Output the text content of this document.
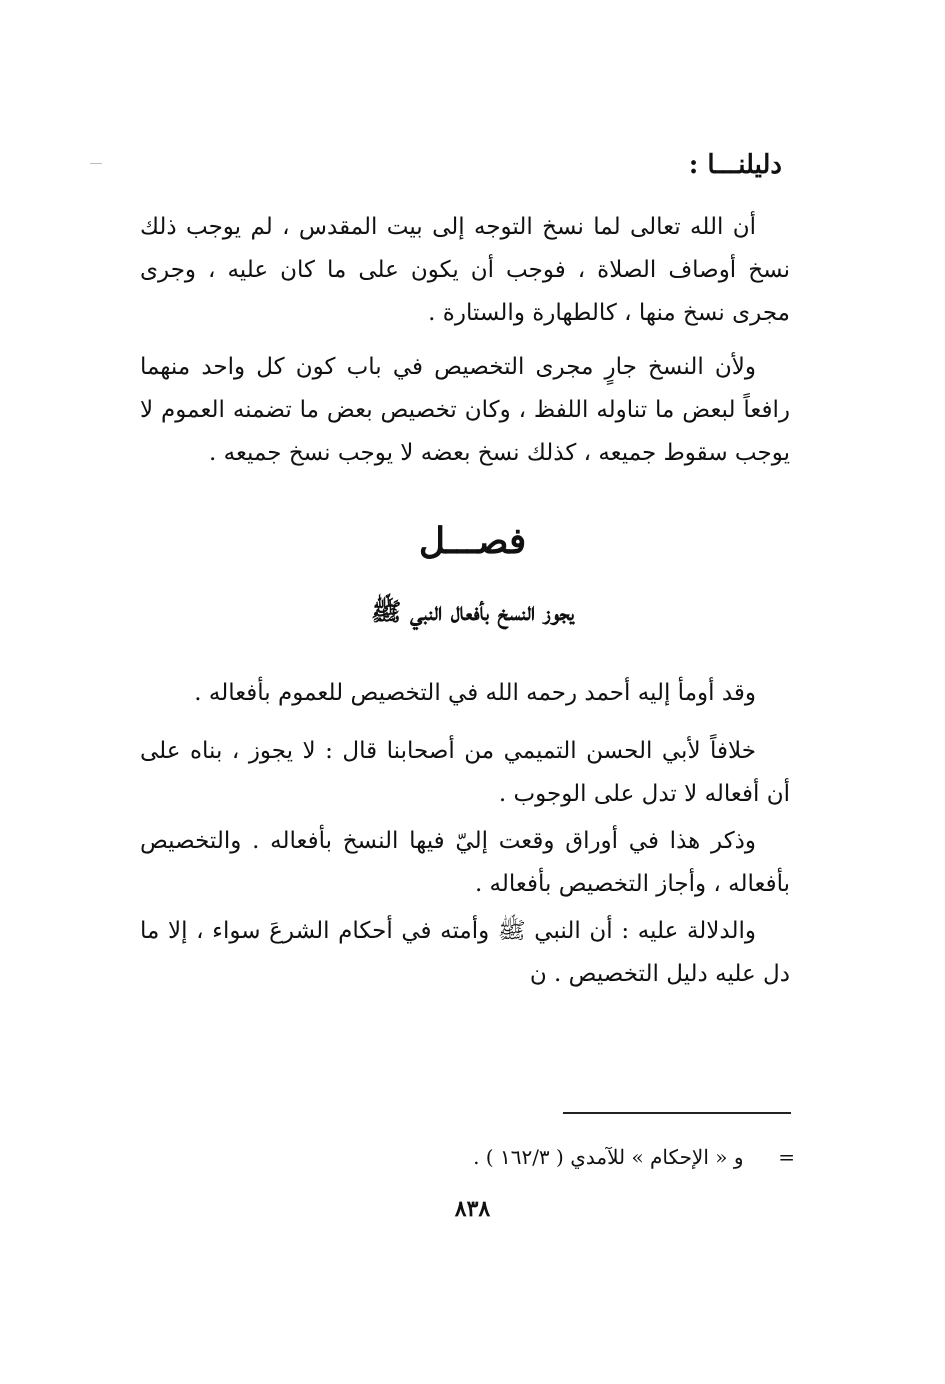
دليلنـــا :

أن الله تعالى لما نسخ التوجه إلى بيت المقدس ، لم يوجب ذلك نسخ أوصاف الصلاة ، فوجب أن يكون على ما كان عليه ، وجرى مجرى نسخ منها ، كالطهارة والستارة .

ولأن النسخ جارٍ مجرى التخصيص في باب كون كل واحد منهما رافعاً لبعض ما تناوله اللفظ ، وكان تخصيص بعض ما تضمنه العموم لا يوجب سقوط جميعه ، كذلك نسخ بعضه لا يوجب نسخ جميعه .

فصـــل
يجوز النسخ بأفعال النبي ﷺ

وقد أومأ إليه أحمد رحمه الله في التخصيص للعموم بأفعاله .

خلافاً لأبي الحسن التميمي من أصحابنا قال : لا يجوز ، بناه على أن أفعاله لا تدل على الوجوب .

وذكر هذا في أوراق وقعت إليّ فيها النسخ بأفعاله . والتخصيص بأفعاله ، وأجاز التخصيص بأفعاله .

والدلالة عليه : أن النبي ﷺ وأمته في أحكام الشرعَ سواء ، إلا ما دل عليه دليل التخصيص . ن

=  و « الإحكام » للآمدي ( ١٦٢/٣ ) .
٨٣٨
